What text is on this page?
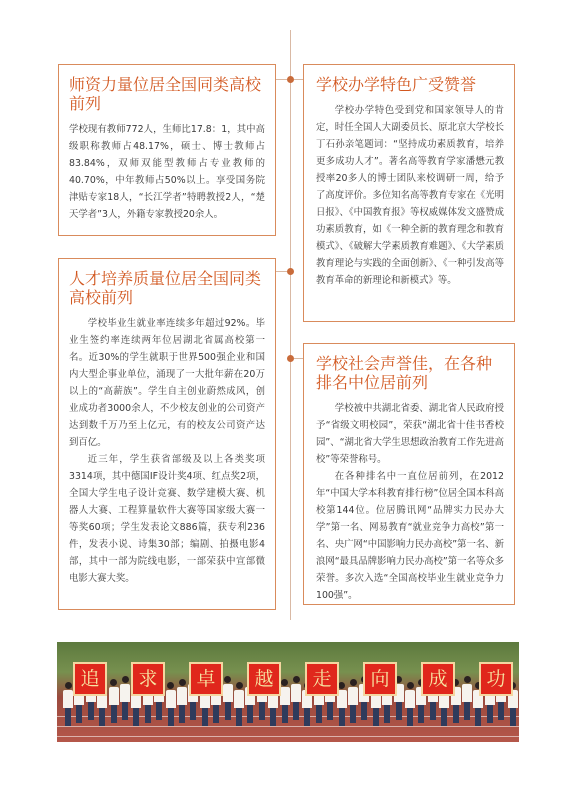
师资力量位居全国同类高校前列

学校现有教师772人，生师比17.8：1，其中高级职称教师占48.17%，硕士、博士教师占83.84%，双师双能型教师占专业教师的40.70%，中年教师占50%以上。享受国务院津贴专家18人，“长江学者”特聘教授2人，“楚天学者”3人，外籍专家教授20余人。

学校办学特色广受赞誉

学校办学特色受到党和国家领导人的肯定，时任全国人大副委员长、原北京大学校长丁石孙亲笔题词：“坚持成功素质教育，培养更多成功人才”。著名高等教育学家潘懋元教授率20多人的博士团队来校调研一周，给予了高度评价。多位知名高等教育专家在《光明日报》、《中国教育报》等权威媒体发文盛赞成功素质教育，如《一种全新的教育理念和教育模式》、《破解大学素质教育难题》、《大学素质教育理论与实践的全面创新》、《一种引发高等教育革命的新理论和新模式》等。

人才培养质量位居全国同类高校前列

学校毕业生就业率连续多年超过92%。毕业生签约率连续两年位居湖北省属高校第一名。近30%的学生就职于世界500强企业和国内大型企事业单位，涌现了一大批年薪在20万以上的“高薪族”。学生自主创业蔚然成风，创业成功者3000余人，不少校友创业的公司资产达到数千万乃至上亿元，有的校友公司资产达到百亿。

近三年，学生获省部级及以上各类奖项3314项，其中德国IF设计奖4项、红点奖2项，全国大学生电子设计竞赛、数学建模大赛、机器人大赛、工程算量软件大赛等国家级大赛一等奖60项；学生发表论文886篇，获专利236件，发表小说、诗集30部；编剧、拍摄电影4部，其中一部为院线电影，一部荣获中宣部微电影大赛大奖。

学校社会声誉佳，在各种排名中位居前列

学校被中共湖北省委、湖北省人民政府授予“省级文明校园”，荣获“湖北省十佳书香校园”、“湖北省大学生思想政治教育工作先进高校”等荣誉称号。

在各种排名中一直位居前列，在2012年“中国大学本科教育排行榜”位居全国本科高校第144位。位居腾讯网“品牌实力民办大学”第一名、网易教育“就业竞争力高校”第一名、央广网“中国影响力民办高校”第一名、新浪网“最具品牌影响力民办高校”第一名等众多荣誉。多次入选“全国高校毕业生就业竞争力100强”。

追	求	卓	越	走	向	成	功
